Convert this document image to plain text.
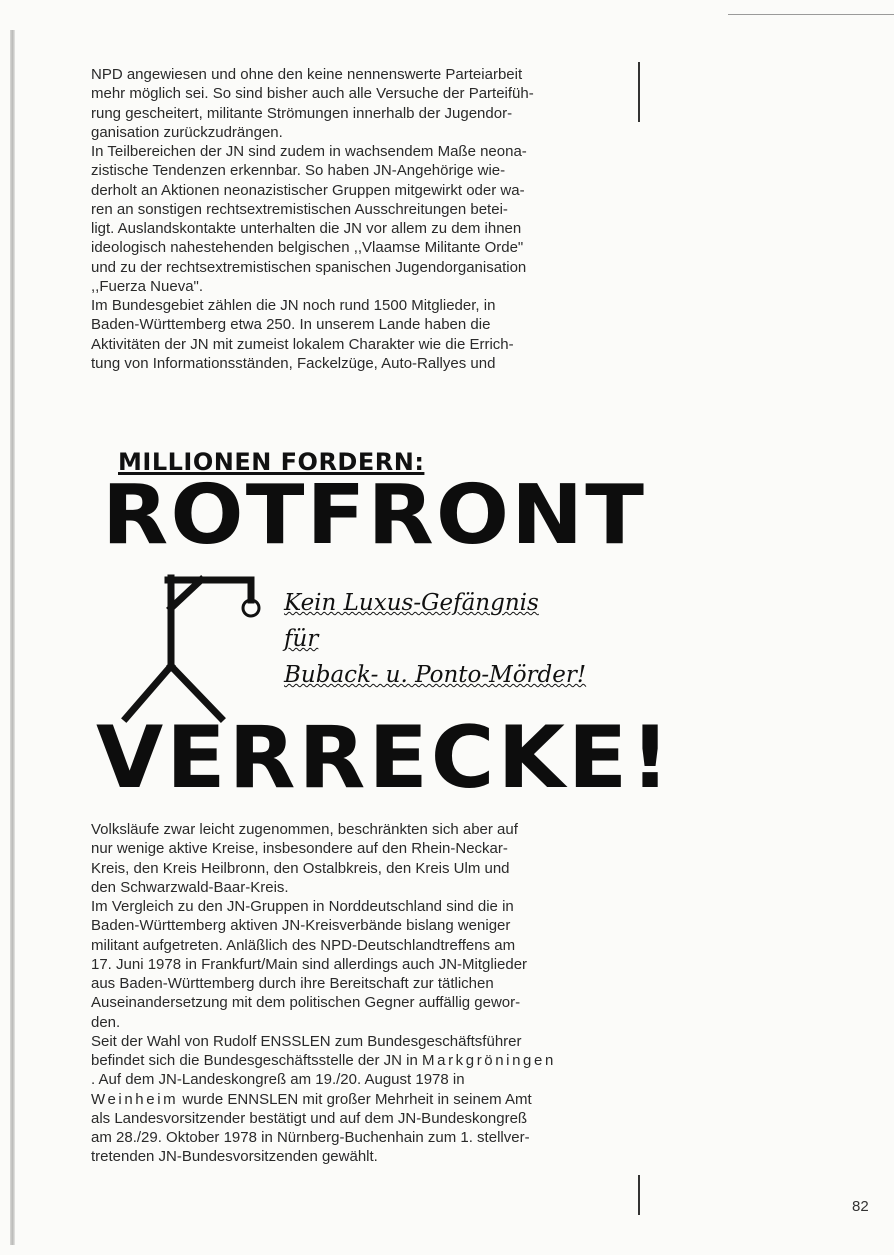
NPD angewiesen und ohne den keine nennenswerte Parteiarbeit

mehr möglich sei. So sind bisher auch alle Versuche der Parteifüh-

rung gescheitert, militante Strömungen innerhalb der Jugendor-

ganisation zurückzudrängen.

In Teilbereichen der JN sind zudem in wachsendem Maße neona-

zistische Tendenzen erkennbar. So haben JN-Angehörige wie-

derholt an Aktionen neonazistischer Gruppen mitgewirkt oder wa-

ren an sonstigen rechtsextremistischen Ausschreitungen betei-

ligt. Auslandskontakte unterhalten die JN vor allem zu dem ihnen

ideologisch nahestehenden belgischen ,,Vlaamse Militante Orde"

und zu der rechtsextremistischen spanischen Jugendorganisation

,,Fuerza Nueva".

Im Bundesgebiet zählen die JN noch rund 1500 Mitglieder, in

Baden-Württemberg etwa 250. In unserem Lande haben die

Aktivitäten der JN mit zumeist lokalem Charakter wie die Errich-

tung von Informationsständen, Fackelzüge, Auto-Rallyes und

MILLIONEN FORDERN:
ROTFRONT
Kein Luxus-Gefängnis
für
Buback- u. Ponto-Mörder!
VERRECKE!

Volksläufe zwar leicht zugenommen, beschränkten sich aber auf

nur wenige aktive Kreise, insbesondere auf den Rhein-Neckar-

Kreis, den Kreis Heilbronn, den Ostalbkreis, den Kreis Ulm und

den Schwarzwald-Baar-Kreis.

Im Vergleich zu den JN-Gruppen in Norddeutschland sind die in

Baden-Württemberg aktiven JN-Kreisverbände bislang weniger

militant aufgetreten. Anläßlich des NPD-Deutschlandtreffens am

17. Juni 1978 in Frankfurt/Main sind allerdings auch JN-Mitglieder

aus Baden-Württemberg durch ihre Bereitschaft zur tätlichen

Auseinandersetzung mit dem politischen Gegner auffällig gewor-

den.

Seit der Wahl von Rudolf ENSSLEN zum Bundesgeschäftsführer

befindet sich die Bundesgeschäftsstelle der JN in Markgröningen

. Auf dem JN-Landeskongreß am 19./20. August 1978 in

Weinheim wurde ENNSLEN mit großer Mehrheit in seinem Amt

als Landesvorsitzender bestätigt und auf dem JN-Bundeskongreß

am 28./29. Oktober 1978 in Nürnberg-Buchenhain zum 1. stellver-

tretenden JN-Bundesvorsitzenden gewählt.

82
